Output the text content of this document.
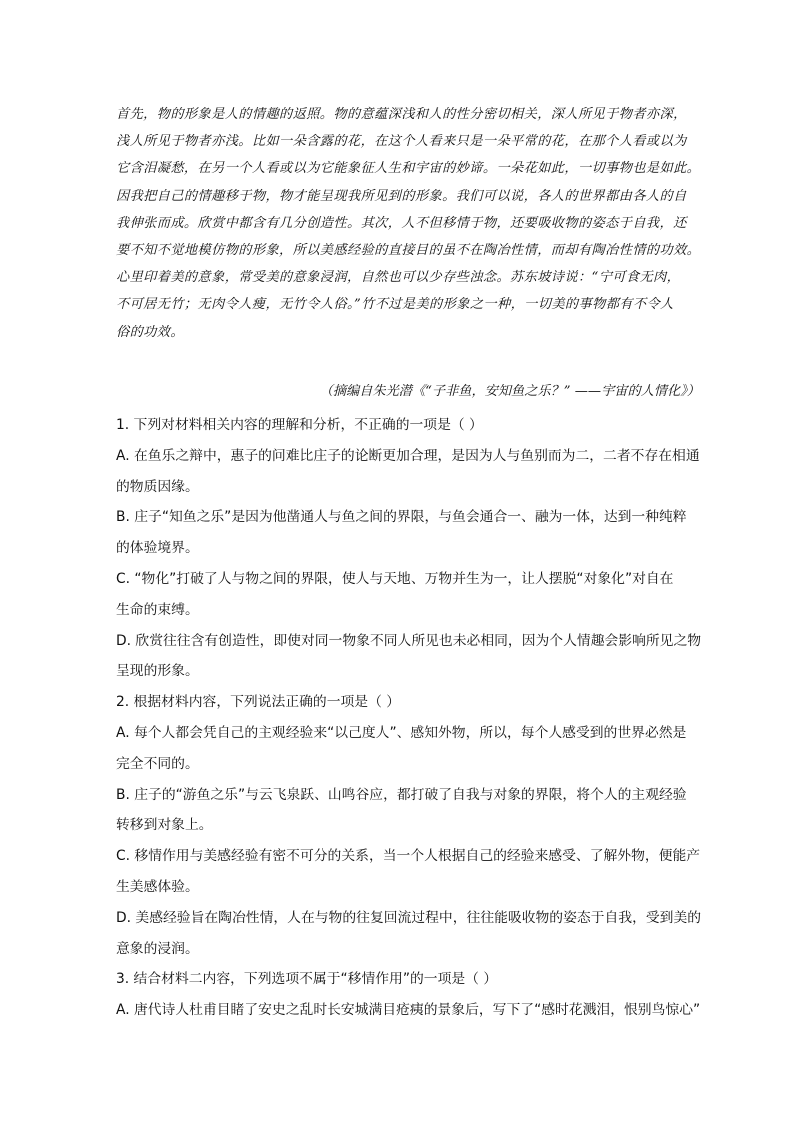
首先，物的形象是人的情趣的返照。物的意蕴深浅和人的性分密切相关，深人所见于物者亦深，
浅人所见于物者亦浅。比如一朵含露的花，在这个人看来只是一朵平常的花，在那个人看或以为
它含泪凝愁，在另一个人看或以为它能象征人生和宇宙的妙谛。一朵花如此，一切事物也是如此。
因我把自己的情趣移于物，物才能呈现我所见到的形象。我们可以说，各人的世界都由各人的自
我伸张而成。欣赏中都含有几分创造性。其次，人不但移情于物，还要吸收物的姿态于自我，还
要不知不觉地模仿物的形象，所以美感经验的直接目的虽不在陶冶性情，而却有陶冶性情的功效。
心里印着美的意象，常受美的意象浸润，自然也可以少存些浊念。苏东坡诗说：“宁可食无肉，
不可居无竹；无肉令人瘦，无竹令人俗。”竹不过是美的形象之一种，一切美的事物都有不令人
俗的功效。
（摘编自朱光潜《“子非鱼，安知鱼之乐？” ——宇宙的人情化》）
1. 下列对材料相关内容的理解和分析，不正确的一项是（ ）
A. 在鱼乐之辩中，惠子的问难比庄子的论断更加合理，是因为人与鱼别而为二，二者不存在相通
的物质因缘。
B. 庄子“知鱼之乐”是因为他凿通人与鱼之间的界限，与鱼会通合一、融为一体，达到一种纯粹
的体验境界。
C. “物化”打破了人与物之间的界限，使人与天地、万物并生为一，让人摆脱“对象化”对自在
生命的束缚。
D. 欣赏往往含有创造性，即使对同一物象不同人所见也未必相同，因为个人情趣会影响所见之物
呈现的形象。
2. 根据材料内容，下列说法正确的一项是（ ）
A. 每个人都会凭自己的主观经验来“以己度人”、感知外物，所以，每个人感受到的世界必然是
完全不同的。
B. 庄子的“游鱼之乐”与云飞泉跃、山鸣谷应，都打破了自我与对象的界限，将个人的主观经验
转移到对象上。
C. 移情作用与美感经验有密不可分的关系，当一个人根据自己的经验来感受、了解外物，便能产
生美感体验。
D. 美感经验旨在陶冶性情，人在与物的往复回流过程中，往往能吸收物的姿态于自我，受到美的
意象的浸润。
3. 结合材料二内容，下列选项不属于“移情作用”的一项是（ ）
A. 唐代诗人杜甫目睹了安史之乱时长安城满目疮痍的景象后，写下了“感时花溅泪，恨别鸟惊心”
